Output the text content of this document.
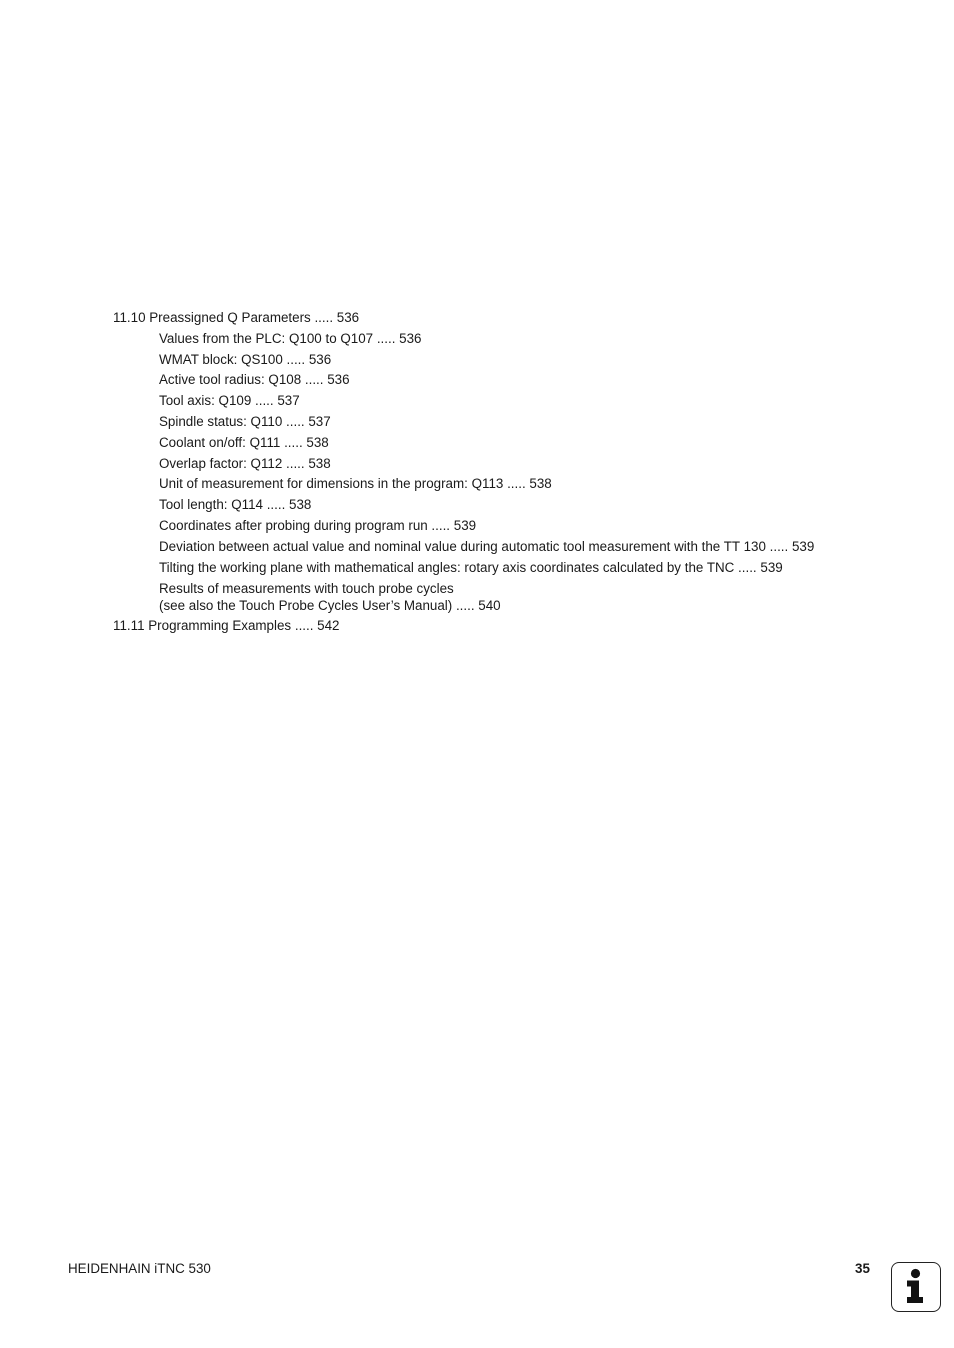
11.10 Preassigned Q Parameters ..... 536

Values from the PLC: Q100 to Q107 ..... 536

WMAT block: QS100 ..... 536

Active tool radius: Q108 ..... 536

Tool axis: Q109 ..... 537

Spindle status: Q110 ..... 537

Coolant on/off: Q111 ..... 538

Overlap factor: Q112 ..... 538

Unit of measurement for dimensions in the program: Q113 ..... 538

Tool length: Q114 ..... 538

Coordinates after probing during program run ..... 539

Deviation between actual value and nominal value during automatic tool measurement with the TT 130 ..... 539

Tilting the working plane with mathematical angles: rotary axis coordinates calculated by the TNC ..... 539

Results of measurements with touch probe cycles
(see also the Touch Probe Cycles User’s Manual) ..... 540

11.11 Programming Examples ..... 542

HEIDENHAIN iTNC 530	35
